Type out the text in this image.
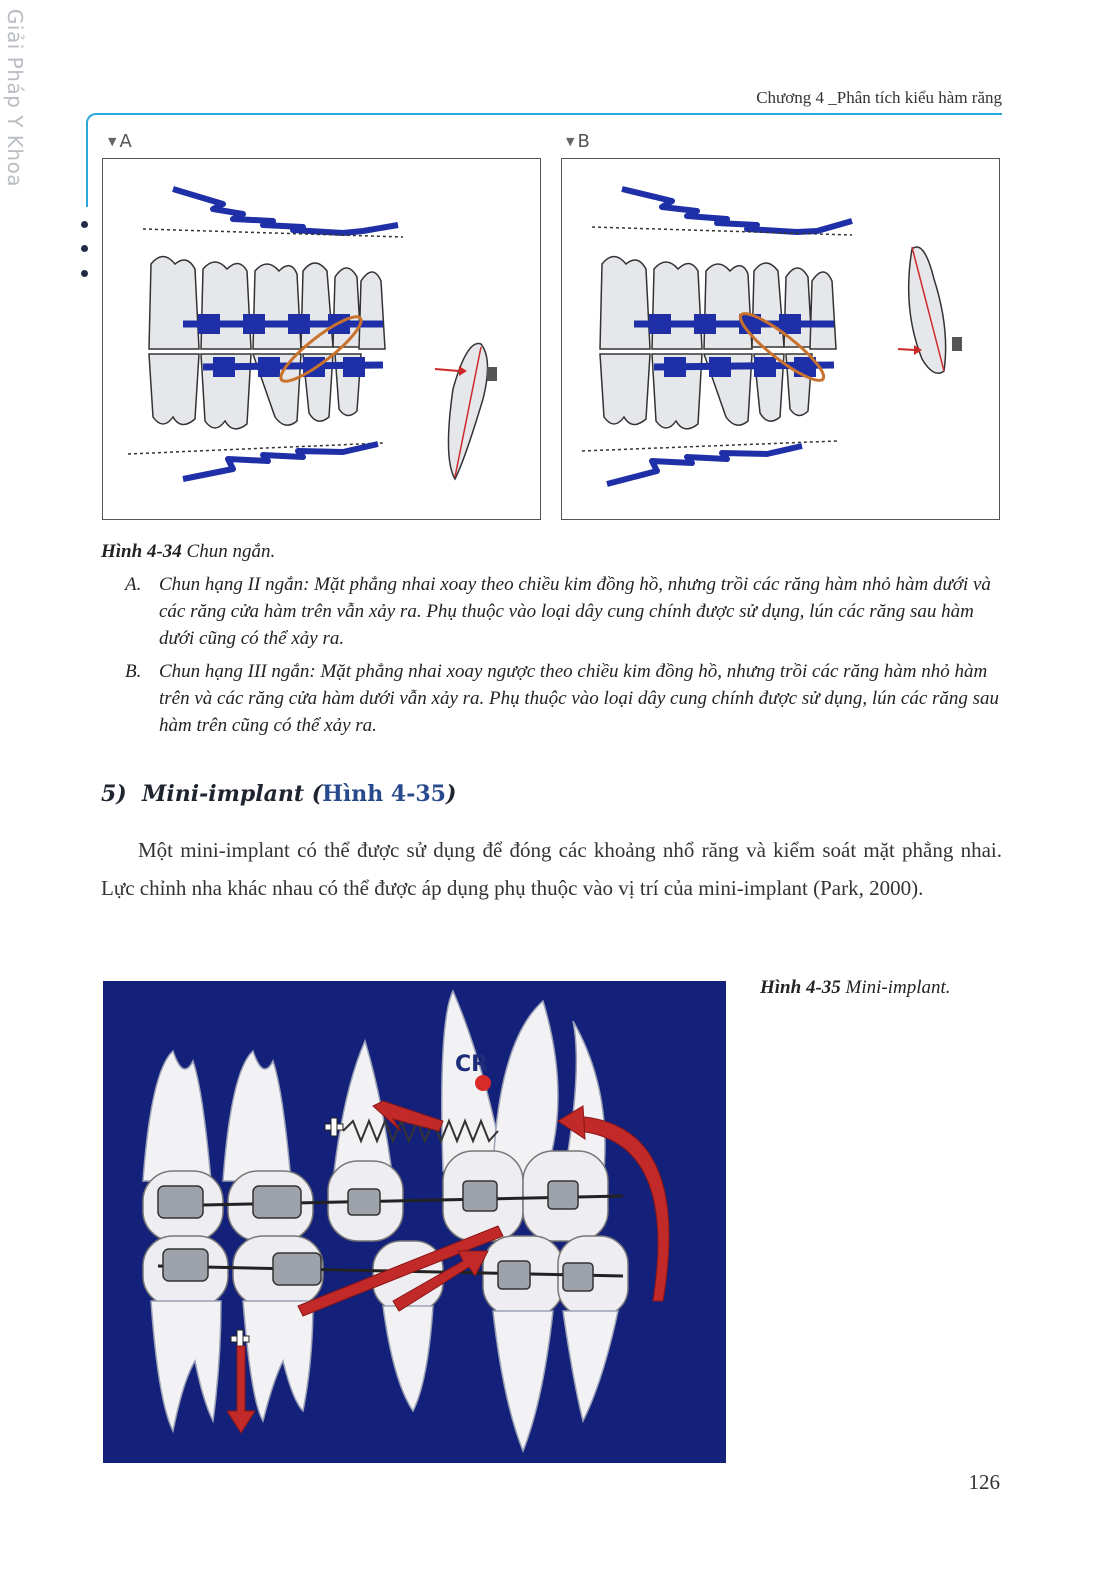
Giải Pháp Y Khoa	Chương 4 _Phân tích kiểu hàm răng
▼ A	▼ B
Hình 4-34 Chun ngắn.
A. Chun hạng II ngắn: Mặt phẳng nhai xoay theo chiều kim đồng hồ, nhưng trồi các răng hàm nhỏ hàm dưới và các răng cửa hàm trên vẫn xảy ra. Phụ thuộc vào loại dây cung chính được sử dụng, lún các răng sau hàm dưới cũng có thể xảy ra.
B. Chun hạng III ngắn: Mặt phẳng nhai xoay ngược theo chiều kim đồng hồ, nhưng trồi các răng hàm nhỏ hàm trên và các răng cửa hàm dưới vẫn xảy ra. Phụ thuộc vào loại dây cung chính được sử dụng, lún các răng sau hàm trên cũng có thể xảy ra.
5) Mini-implant (Hình 4-35)
Một mini-implant có thể được sử dụng để đóng các khoảng nhổ răng và kiểm soát mặt phẳng nhai. Lực chỉnh nha khác nhau có thể được áp dụng phụ thuộc vào vị trí của mini-implant (Park, 2000).
CR
Hình 4-35 Mini-implant.
126
